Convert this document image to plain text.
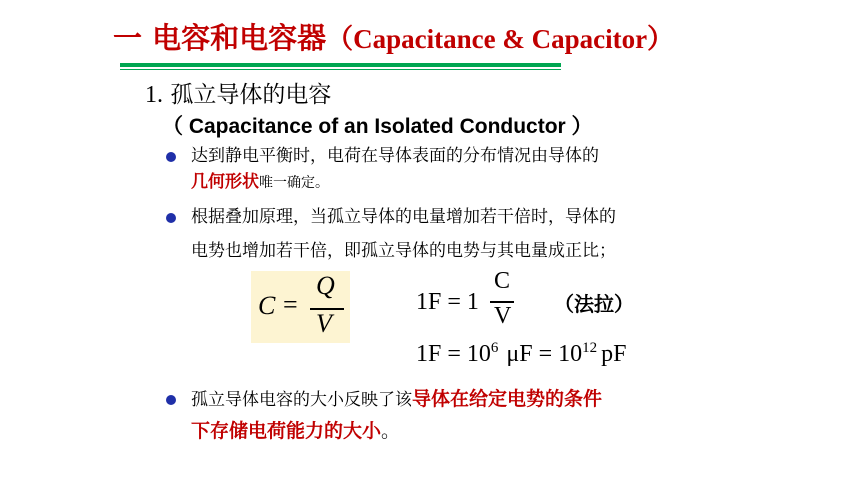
一 电容和电容器（Capacitance & Capacitor）
1. 孤立导体的电容
（ Capacitance of an Isolated Conductor ）
达到静电平衡时，电荷在导体表面的分布情况由导体的
几何形状唯一确定。
根据叠加原理，当孤立导体的电量增加若干倍时，导体的
电势也增加若干倍，即孤立导体的电势与其电量成正比；
C =
Q
V
1F = 1
C
V （法拉）
$1F = 10^6$ $\mu F = 10^{12}$ pF
孤立导体电容的大小反映了该导体在给定电势的条件
下存储电荷能力的大小。
